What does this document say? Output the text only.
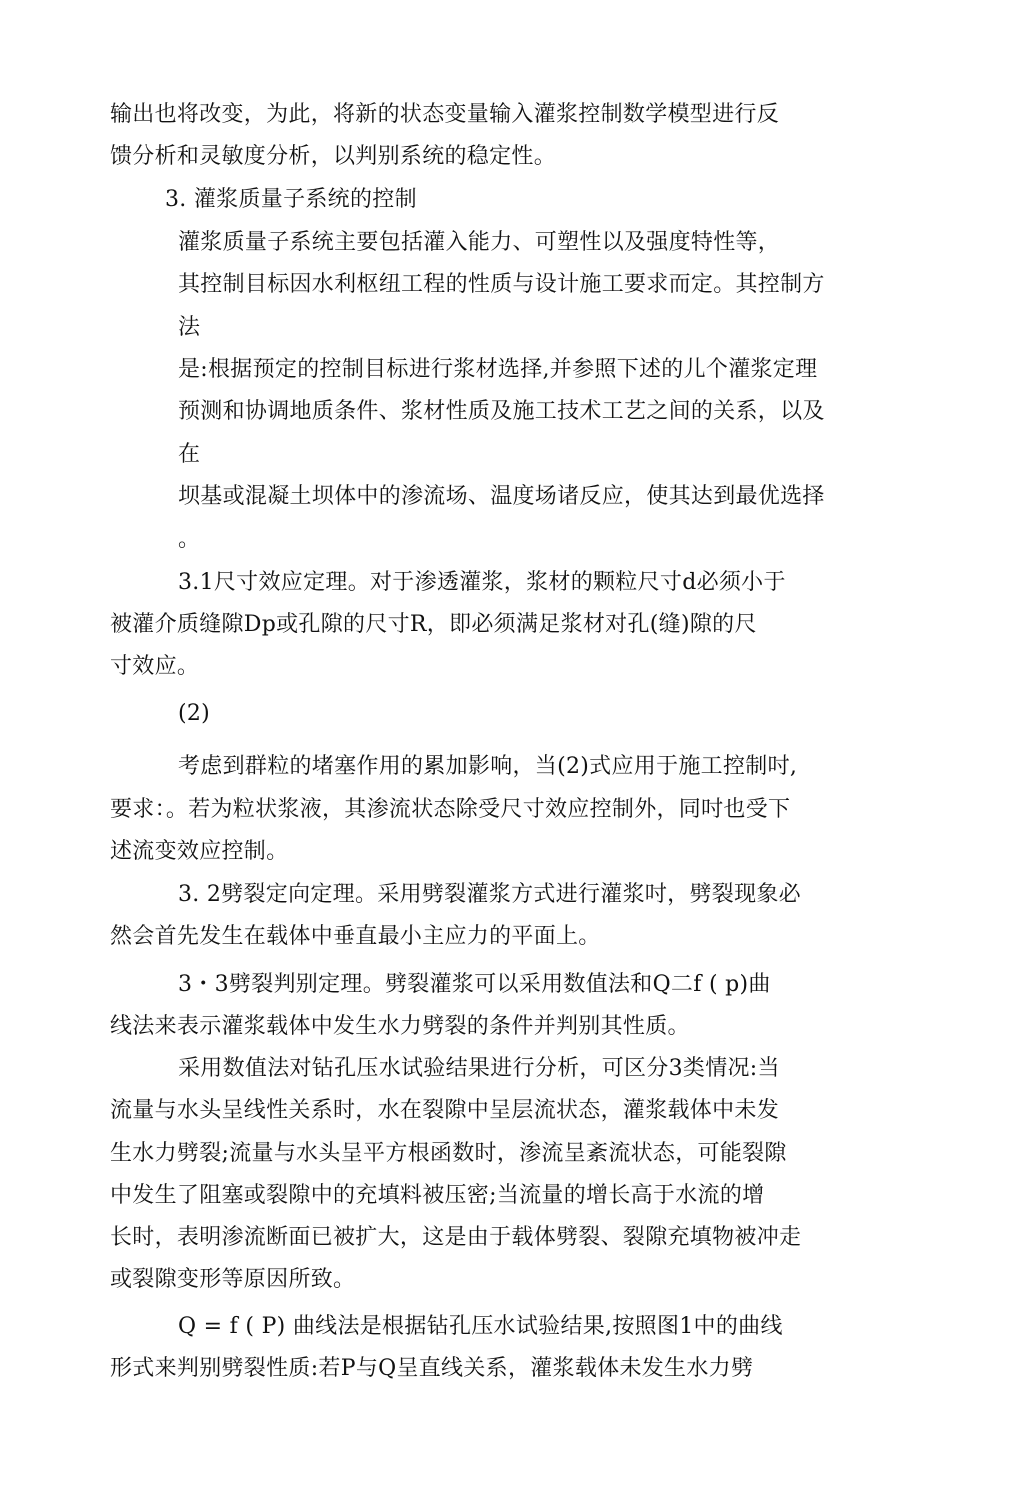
输出也将改变，为此，将新的状态变量输入灌浆控制数学模型进行反
馈分析和灵敏度分析，以判别系统的稳定性。
3. 灌浆质量子系统的控制
灌浆质量子系统主要包括灌入能力、可塑性以及强度特性等，
其控制目标因水利枢纽工程的性质与设计施工要求而定。其控制方
法
是:根据预定的控制目标进行浆材选择,并参照下述的儿个灌浆定理
预测和协调地质条件、浆材性质及施工技术工艺之间的关系，以及
在
坝基或混凝土坝体中的渗流场、温度场诸反应，使其达到最优选择
。
3.1尺寸效应定理。对于渗透灌浆，浆材的颗粒尺寸d必须小于
被灌介质缝隙Dp或孔隙的尺寸R，即必须满足浆材对孔(缝)隙的尺
寸效应。
(2)
考虑到群粒的堵塞作用的累加影响，当(2)式应用于施工控制吋,
要求：。若为粒状浆液，其渗流状态除受尺寸效应控制外，同吋也受下
述流变效应控制。
3. 2劈裂定向定理。采用劈裂灌浆方式进行灌浆吋，劈裂现象必
然会首先发生在载体中垂直最小主应力的平面上。
3・3劈裂判别定理。劈裂灌浆可以采用数值法和Q二f ( p)曲
线法来表示灌浆载体中发生水力劈裂的条件并判别其性质。
采用数值法对钻孔压水试验结果进行分析，可区分3类情况:当
流量与水头呈线性关系时，水在裂隙中呈层流状态，灌浆载体中未发
生水力劈裂;流量与水头呈平方根函数时，渗流呈紊流状态，可能裂隙
中发生了阻塞或裂隙中的充填料被压密;当流量的增长高于水流的增
长时，表明渗流断面已被扩大，这是由于载体劈裂、裂隙充填物被冲走
或裂隙变形等原因所致。
Q = f ( P) 曲线法是根据钻孔压水试验结果,按照图1中的曲线
形式来判别劈裂性质:若P与Q呈直线关系，灌浆载体未发生水力劈
